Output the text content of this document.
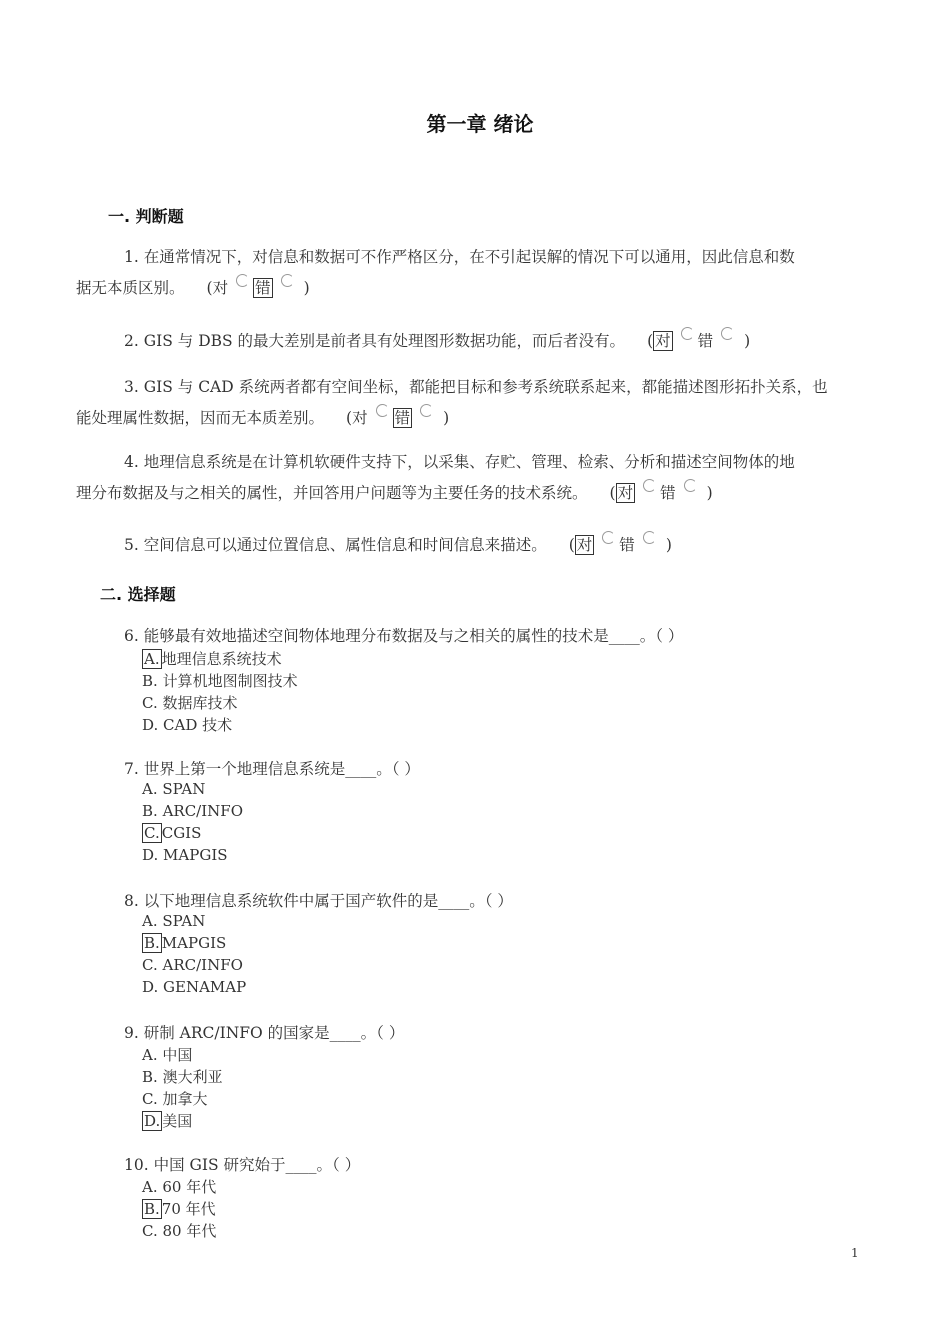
第一章 绪论
一. 判断题
1. 在通常情况下，对信息和数据可不作严格区分，在不引起误解的情况下可以通用，因此信息和数
据无本质区别。 (对 错 )
2. GIS 与 DBS 的最大差别是前者具有处理图形数据功能，而后者没有。 ( 对 错 )
3. GIS 与 CAD 系统两者都有空间坐标，都能把目标和参考系统联系起来，都能描述图形拓扑关系，也
能处理属性数据，因而无本质差别。 (对 错 )
4. 地理信息系统是在计算机软硬件支持下，以采集、存贮、管理、检索、分析和描述空间物体的地
理分布数据及与之相关的属性，并回答用户问题等为主要任务的技术系统。 ( 对 错 )
5. 空间信息可以通过位置信息、属性信息和时间信息来描述。 ( 对 错 )
二. 选择题
6. 能够最有效地描述空间物体地理分布数据及与之相关的属性的技术是____。（ ）
A. 地理信息系统技术
B. 计算机地图制图技术
C. 数据库技术
D. CAD 技术
7. 世界上第一个地理信息系统是____。（ ）
A. SPAN
B. ARC/INFO
C. CGIS
D. MAPGIS
8. 以下地理信息系统软件中属于国产软件的是____。（ ）
A. SPAN
B. MAPGIS
C. ARC/INFO
D. GENAMAP
9. 研制 ARC/INFO 的国家是____。（ ）
A. 中国
B. 澳大利亚
C. 加拿大
D. 美国
10. 中国 GIS 研究始于____。（ ）
A. 60 年代
B. 70 年代
C. 80 年代
1
